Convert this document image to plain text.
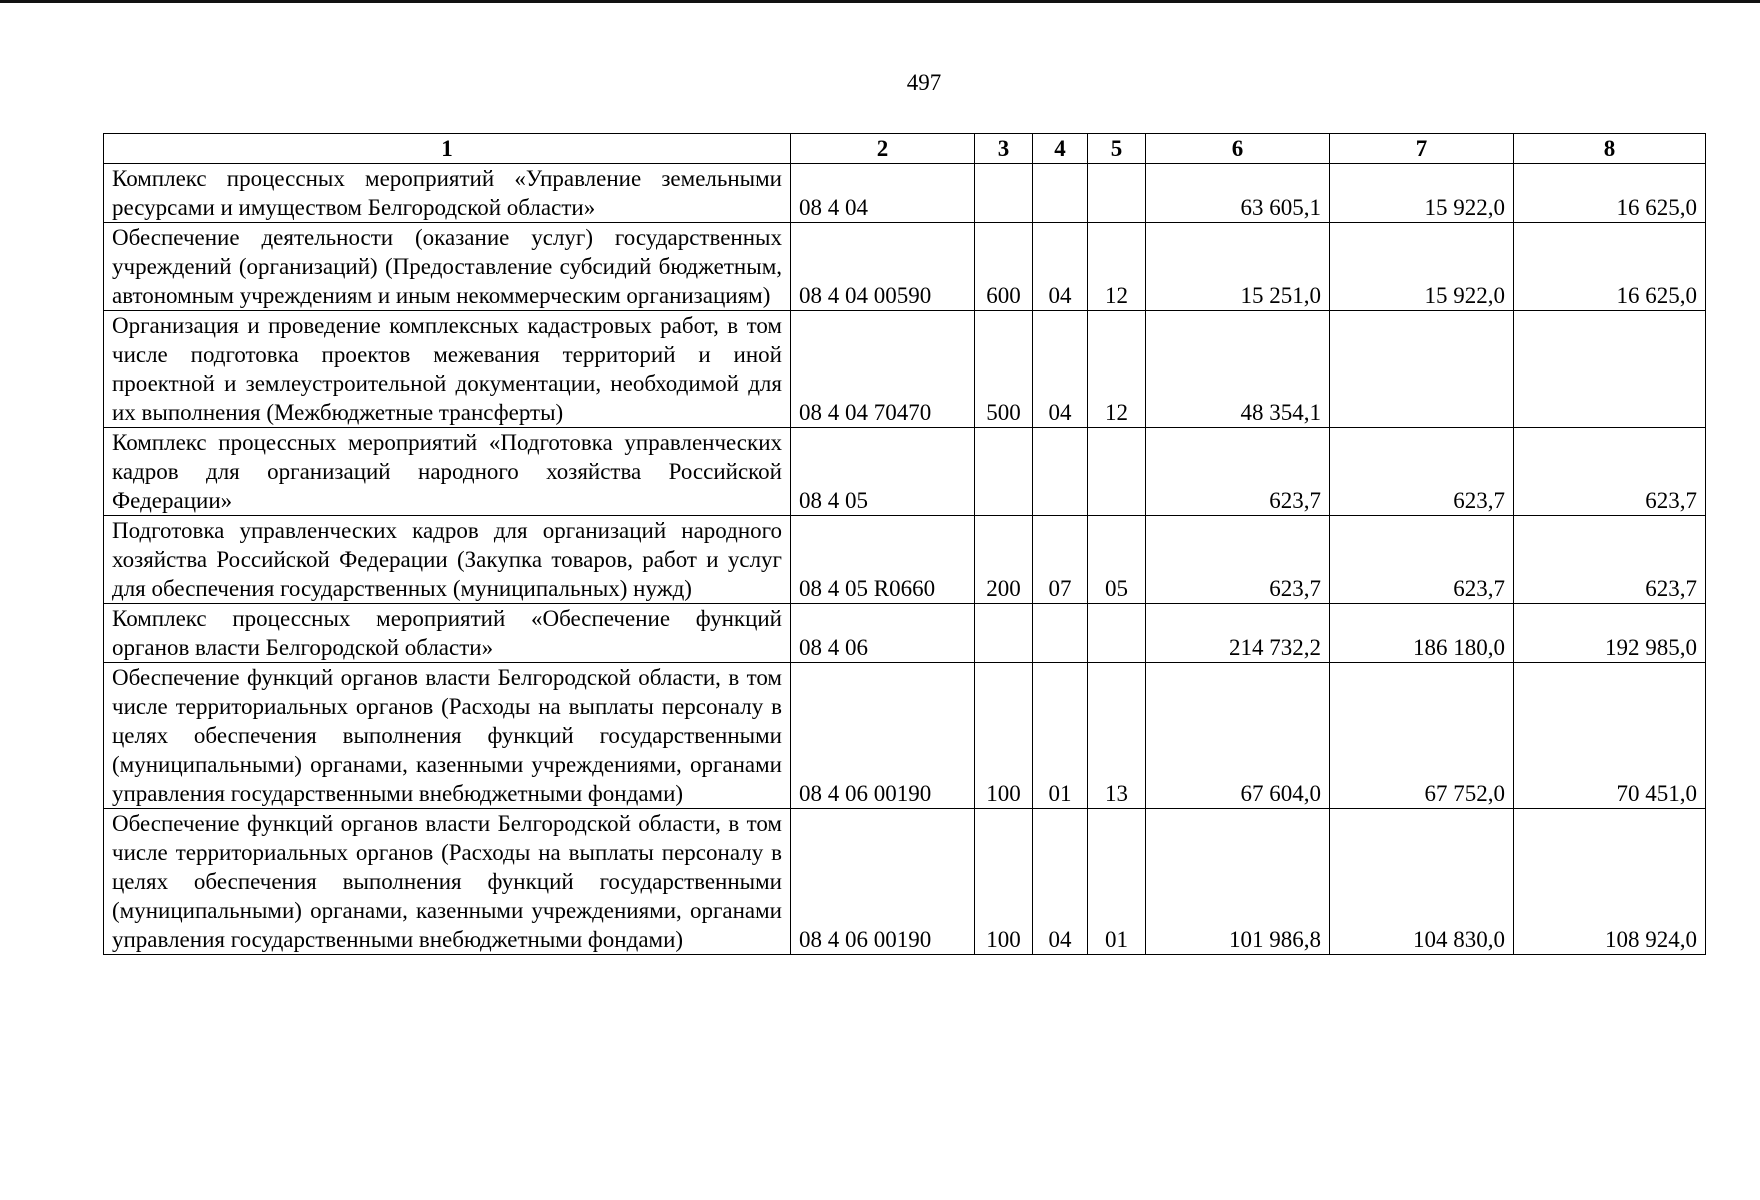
497
1	2	3	4	5	6	7	8
Комплекс процессных мероприятий «Управление земельными ресурсами и имуществом Белгородской области»	08 4 04				63 605,1	15 922,0	16 625,0
Обеспечение деятельности (оказание услуг) государственных учреждений (организаций) (Предоставление субсидий бюджетным, автономным учреждениям и иным некоммерческим организациям)	08 4 04 00590	600	04	12	15 251,0	15 922,0	16 625,0
Организация и проведение комплексных кадастровых работ, в том числе подготовка проектов межевания территорий и иной проектной и землеустроительной документации, необходимой для их выполнения (Межбюджетные трансферты)	08 4 04 70470	500	04	12	48 354,1		
Комплекс процессных мероприятий «Подготовка управленческих кадров для организаций народного хозяйства Российской Федерации»	08 4 05				623,7	623,7	623,7
Подготовка управленческих кадров для организаций народного хозяйства Российской Федерации (Закупка товаров, работ и услуг для обеспечения государственных (муниципальных) нужд)	08 4 05 R0660	200	07	05	623,7	623,7	623,7
Комплекс процессных мероприятий «Обеспечение функций органов власти Белгородской области»	08 4 06				214 732,2	186 180,0	192 985,0
Обеспечение функций органов власти Белгородской области, в том числе территориальных органов (Расходы на выплаты персоналу в целях обеспечения выполнения функций государственными (муниципальными) органами, казенными учреждениями, органами управления государственными внебюджетными фондами)	08 4 06 00190	100	01	13	67 604,0	67 752,0	70 451,0
Обеспечение функций органов власти Белгородской области, в том числе территориальных органов (Расходы на выплаты персоналу в целях обеспечения выполнения функций государственными (муниципальными) органами, казенными учреждениями, органами управления государственными внебюджетными фондами)	08 4 06 00190	100	04	01	101 986,8	104 830,0	108 924,0
